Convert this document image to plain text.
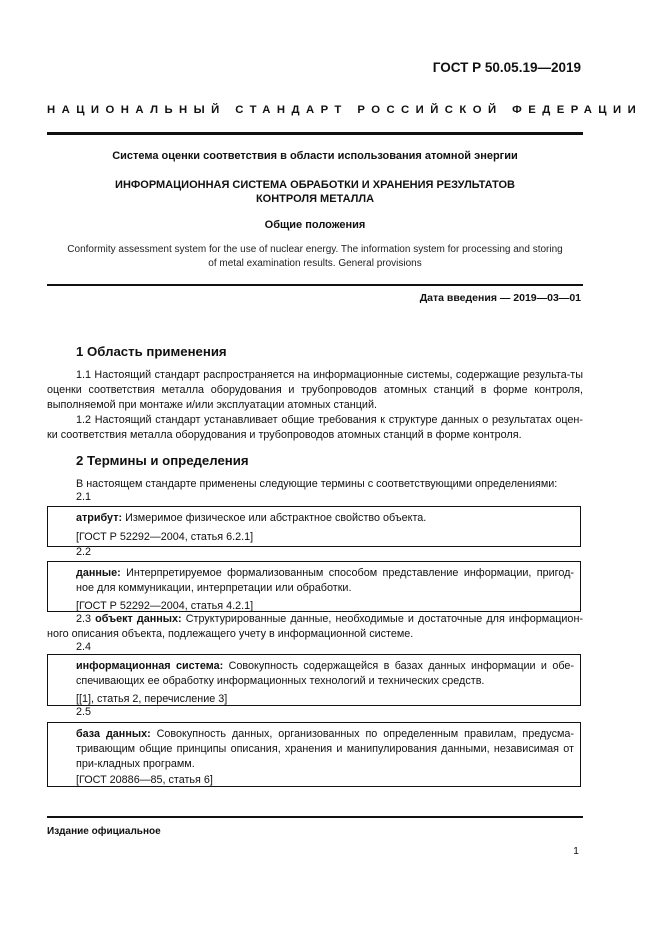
ГОСТ Р 50.05.19—2019
НАЦИОНАЛЬНЫЙ СТАНДАРТ РОССИЙСКОЙ ФЕДЕРАЦИИ
Система оценки соответствия в области использования атомной энергии
ИНФОРМАЦИОННАЯ СИСТЕМА ОБРАБОТКИ И ХРАНЕНИЯ РЕЗУЛЬТАТОВ
КОНТРОЛЯ МЕТАЛЛА
Общие положения
Conformity assessment system for the use of nuclear energy. The information system for processing and storing
of metal examination results. General provisions
Дата введения — 2019—03—01
1 Область применения

1.1 Настоящий стандарт распространяется на информационные системы, содержащие результа-ты оценки соответствия металла оборудования и трубопроводов атомных станций в форме контроля, выполняемой при монтаже и/или эксплуатации атомных станций.

1.2 Настоящий стандарт устанавливает общие требования к структуре данных о результатах оцен-ки соответствия металла оборудования и трубопроводов атомных станций в форме контроля.

2 Термины и определения

В настоящем стандарте применены следующие термины с соответствующими определениями:

2.1
атрибут: Измеримое физическое или абстрактное свойство объекта.
[ГОСТ Р 52292—2004, статья 6.2.1]
2.2
данные: Интерпретируемое формализованным способом представление информации, пригод-ное для коммуникации, интерпретации или обработки.
[ГОСТ Р 52292—2004, статья 4.2.1]

2.3 объект данных: Структурированные данные, необходимые и достаточные для информацион-ного описания объекта, подлежащего учету в информационной системе.

2.4
информационная система: Совокупность содержащейся в базах данных информации и обе-спечивающих ее обработку информационных технологий и технических средств.
[[1], статья 2, перечисление 3]
2.5
база данных: Совокупность данных, организованных по определенным правилам, предусма-тривающим общие принципы описания, хранения и манипулирования данными, независимая от при-кладных программ.
[ГОСТ 20886—85, статья 6]
Издание официальное
1
